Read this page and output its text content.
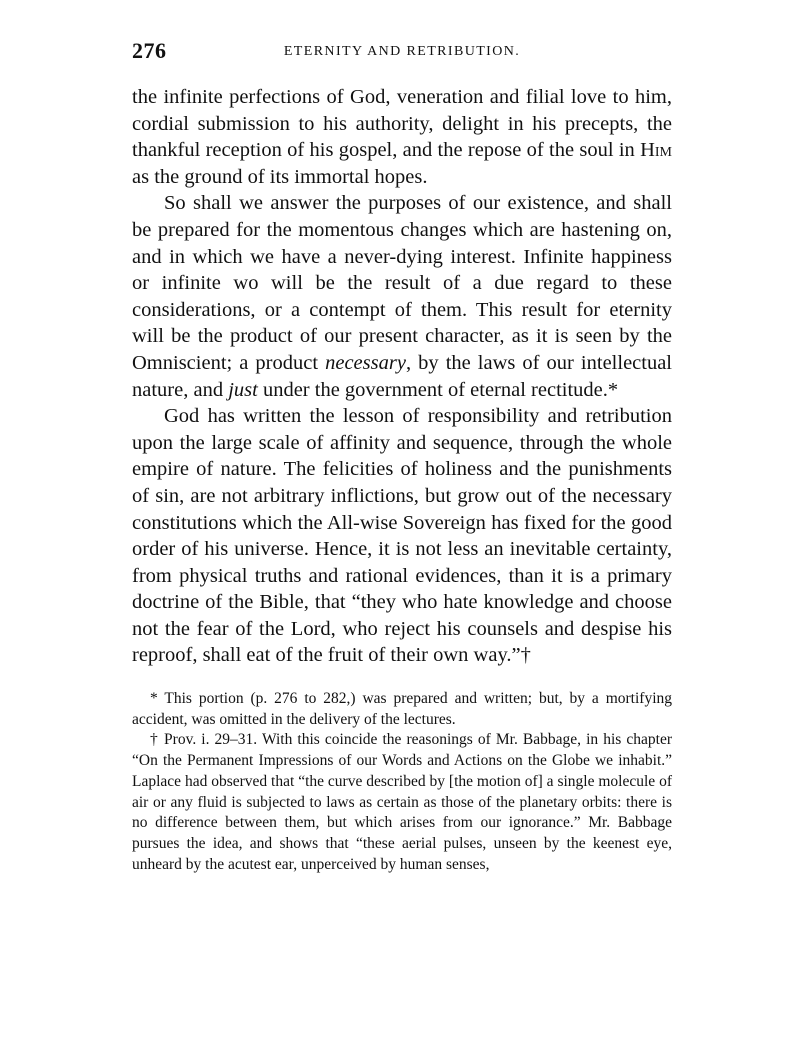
276	ETERNITY AND RETRIBUTION.

the infinite perfections of God, veneration and filial love to him, cordial submission to his authority, delight in his precepts, the thankful reception of his gospel, and the repose of the soul in Him as the ground of its immortal hopes.

So shall we answer the purposes of our existence, and shall be prepared for the momentous changes which are hastening on, and in which we have a never-dying interest. Infinite happiness or infinite wo will be the result of a due regard to these considerations, or a contempt of them. This result for eternity will be the product of our present character, as it is seen by the Omniscient; a product necessary, by the laws of our intellectual nature, and just under the government of eternal rectitude.*

God has written the lesson of responsibility and retribution upon the large scale of affinity and sequence, through the whole empire of nature. The felicities of holiness and the punishments of sin, are not arbitrary inflictions, but grow out of the necessary constitutions which the All-wise Sovereign has fixed for the good order of his universe. Hence, it is not less an inevitable certainty, from physical truths and rational evidences, than it is a primary doctrine of the Bible, that “they who hate knowledge and choose not the fear of the Lord, who reject his counsels and despise his reproof, shall eat of the fruit of their own way.”†

* This portion (p. 276 to 282,) was prepared and written; but, by a mortifying accident, was omitted in the delivery of the lectures.

† Prov. i. 29–31. With this coincide the reasonings of Mr. Babbage, in his chapter “On the Permanent Impressions of our Words and Actions on the Globe we inhabit.” Laplace had observed that “the curve described by [the motion of] a single molecule of air or any fluid is subjected to laws as certain as those of the planetary orbits: there is no difference between them, but which arises from our ignorance.” Mr. Babbage pursues the idea, and shows that “these aerial pulses, unseen by the keenest eye, unheard by the acutest ear, unperceived by human senses,
